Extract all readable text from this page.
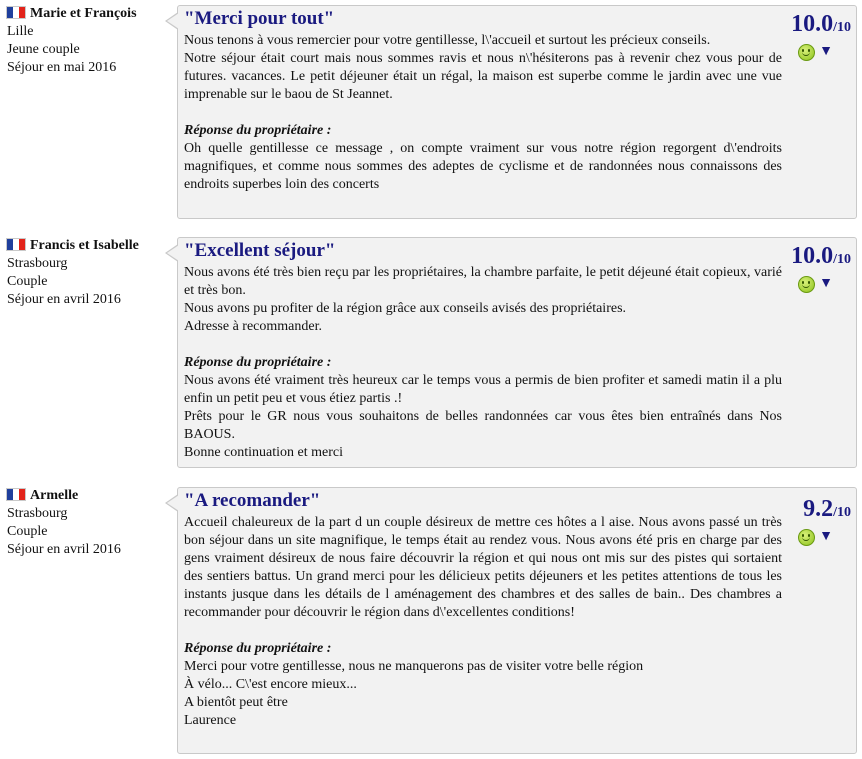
Marie et François
Lille
Jeune couple
Séjour en mai 2016
"Merci pour tout"

Nous tenons à vous remercier pour votre gentillesse, l\'accueil et surtout les précieux conseils.
Notre séjour était court mais nous sommes ravis et nous n\'hésiterons pas à revenir chez vous pour de futures. vacances. Le petit déjeuner était un régal, la maison est superbe comme le jardin avec une vue imprenable sur le baou de St Jeannet.

Réponse du propriétaire :

Oh quelle gentillesse ce message , on compte vraiment sur vous notre région regorgent d\'endroits magnifiques, et comme nous sommes des adeptes de cyclisme et de randonnées nous connaissons des endroits superbes loin des concerts

10.0/10
▼
Francis et Isabelle
Strasbourg
Couple
Séjour en avril 2016
"Excellent séjour"

Nous avons été très bien reçu par les propriétaires, la chambre parfaite, le petit déjeuné était copieux, varié et très bon.
Nous avons pu profiter de la région grâce aux conseils avisés des propriétaires.
Adresse à recommander.

Réponse du propriétaire :

Nous avons été vraiment très heureux car le temps vous a permis de bien profiter et samedi matin il a plu enfin un petit peu et vous étiez partis .!
Prêts pour le GR nous vous souhaitons de belles randonnées car vous êtes bien entraînés dans Nos BAOUS.
Bonne continuation et merci

10.0/10
▼
Armelle
Strasbourg
Couple
Séjour en avril 2016
"A recomander"

Accueil chaleureux de la part d un couple désireux de mettre ces hôtes a l aise. Nous avons passé un très bon séjour dans un site magnifique, le temps était au rendez vous. Nous avons été pris en charge par des gens vraiment désireux de nous faire découvrir la région et qui nous ont mis sur des pistes qui sortaient des sentiers battus. Un grand merci pour les délicieux petits déjeuners et les petites attentions de tous les instants jusque dans les détails de l aménagement des chambres et des salles de bain.. Des chambres a recommander pour découvrir le région dans d\'excellentes conditions!

Réponse du propriétaire :

Merci pour votre gentillesse, nous ne manquerons pas de visiter votre belle région
À vélo... C\'est encore mieux...
A bientôt peut être
Laurence

9.2/10
▼
